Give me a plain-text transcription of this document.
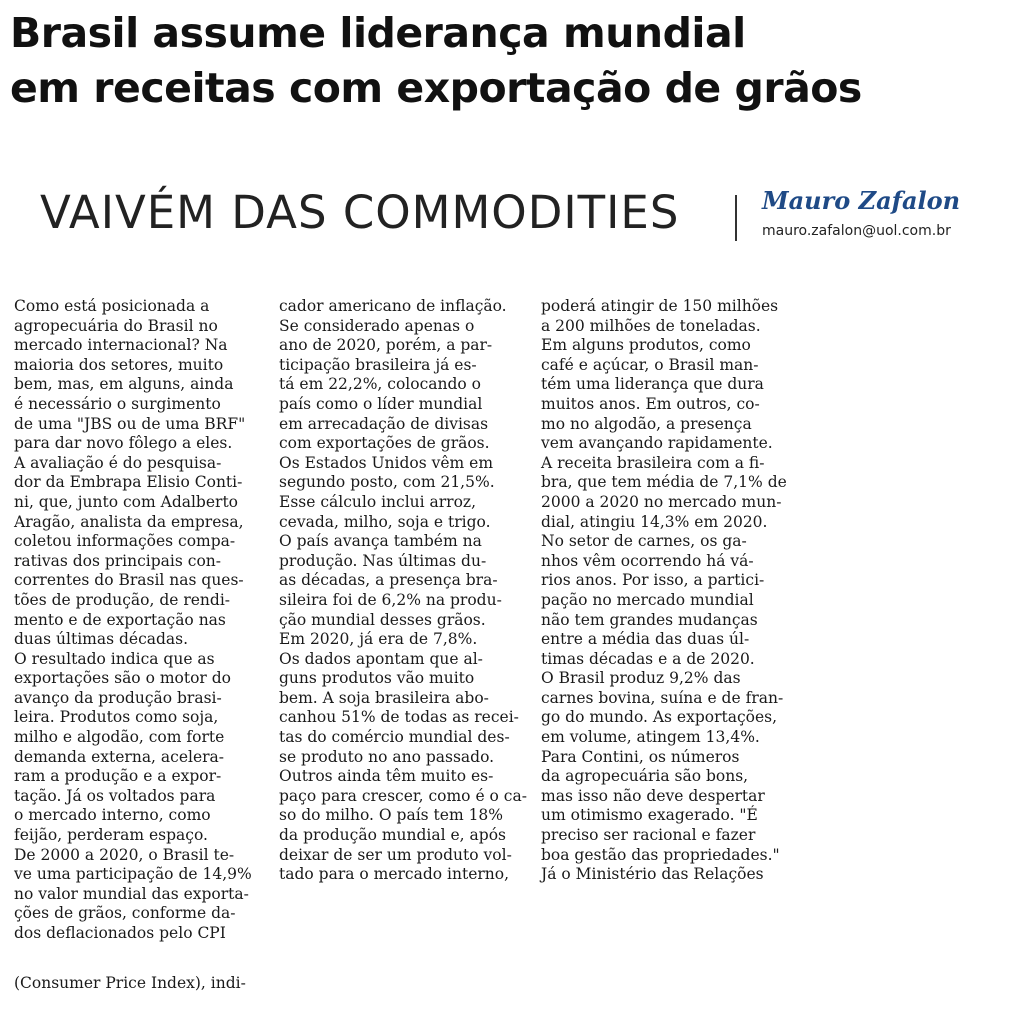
Brasil assume liderança mundial
em receitas com exportação de grãos
VAIVÉM DAS COMMODITIES	Mauro Zafalon
mauro.zafalon@uol.com.br
Como está posicionada a
agropecuária do Brasil no
mercado internacional? Na
maioria dos setores, muito
bem, mas, em alguns, ainda
é necessário o surgimento
de uma "JBS ou de uma BRF"
para dar novo fôlego a eles.
A avaliação é do pesquisa-
dor da Embrapa Elisio Conti-
ni, que, junto com Adalberto
Aragão, analista da empresa,
coletou informações compa-
rativas dos principais con-
correntes do Brasil nas ques-
tões de produção, de rendi-
mento e de exportação nas
duas últimas décadas.
O resultado indica que as
exportações são o motor do
avanço da produção brasi-
leira. Produtos como soja,
milho e algodão, com forte
demanda externa, acelera-
ram a produção e a expor-
tação. Já os voltados para
o mercado interno, como
feijão, perderam espaço.
De 2000 a 2020, o Brasil te-
ve uma participação de 14,9%
no valor mundial das exporta-
ções de grãos, conforme da-
dos deflacionados pelo CPI
cador americano de inflação.
Se considerado apenas o
ano de 2020, porém, a par-
ticipação brasileira já es-
tá em 22,2%, colocando o
país como o líder mundial
em arrecadação de divisas
com exportações de grãos.
Os Estados Unidos vêm em
segundo posto, com 21,5%.
Esse cálculo inclui arroz,
cevada, milho, soja e trigo.
O país avança também na
produção. Nas últimas du-
as décadas, a presença bra-
sileira foi de 6,2% na produ-
ção mundial desses grãos.
Em 2020, já era de 7,8%.
Os dados apontam que al-
guns produtos vão muito
bem. A soja brasileira abo-
canhou 51% de todas as recei-
tas do comércio mundial des-
se produto no ano passado.
Outros ainda têm muito es-
paço para crescer, como é o ca-
so do milho. O país tem 18%
da produção mundial e, após
deixar de ser um produto vol-
tado para o mercado interno,
poderá atingir de 150 milhões
a 200 milhões de toneladas.
Em alguns produtos, como
café e açúcar, o Brasil man-
tém uma liderança que dura
muitos anos. Em outros, co-
mo no algodão, a presença
vem avançando rapidamente.
A receita brasileira com a fi-
bra, que tem média de 7,1% de
2000 a 2020 no mercado mun-
dial, atingiu 14,3% em 2020.
No setor de carnes, os ga-
nhos vêm ocorrendo há vá-
rios anos. Por isso, a partici-
pação no mercado mundial
não tem grandes mudanças
entre a média das duas úl-
timas décadas e a de 2020.
O Brasil produz 9,2% das
carnes bovina, suína e de fran-
go do mundo. As exportações,
em volume, atingem 13,4%.
Para Contini, os números
da agropecuária são bons,
mas isso não deve despertar
um otimismo exagerado. "É
preciso ser racional e fazer
boa gestão das propriedades."
Já o Ministério das Relações
(Consumer Price Index), indi-
